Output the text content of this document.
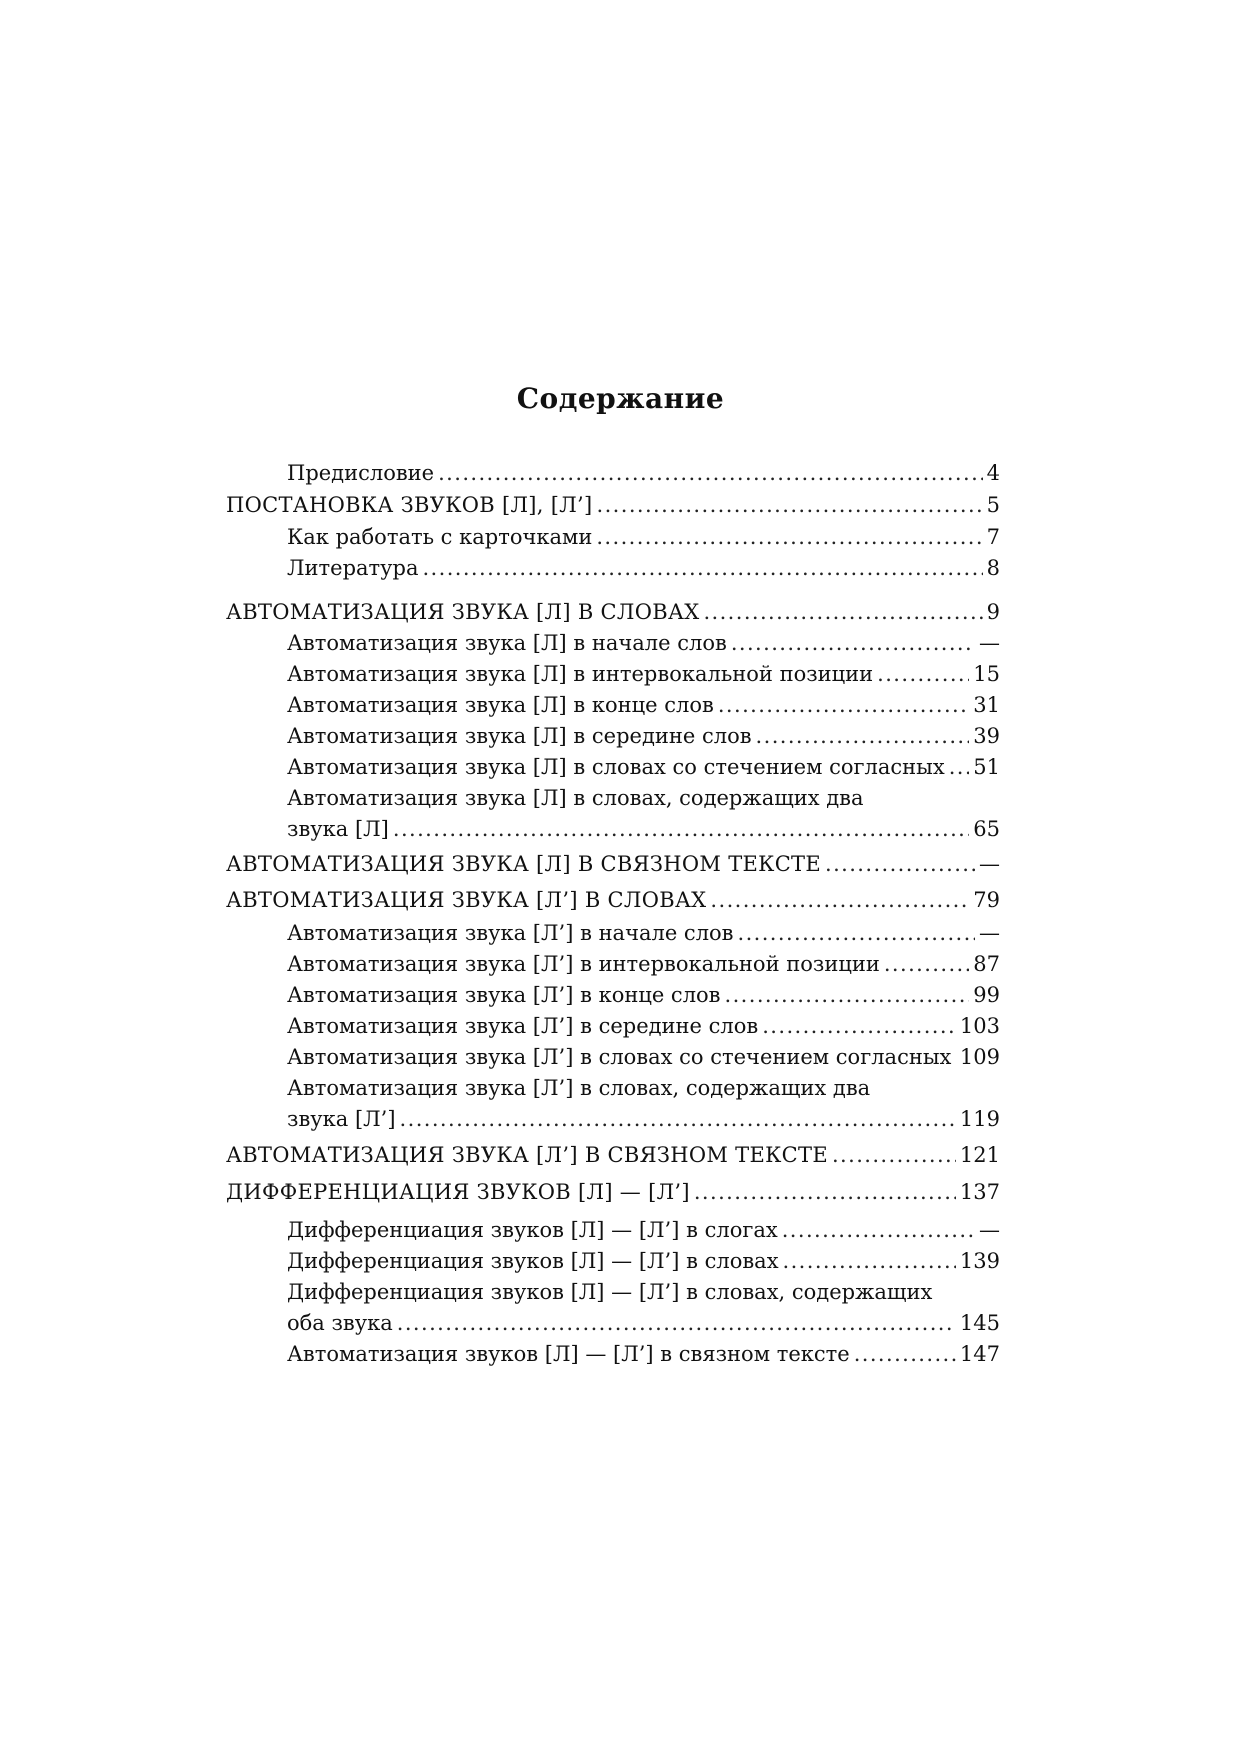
Содержание
Предисловие .....	4
ПОСТАНОВКА ЗВУКОВ [Л], [Л’] .....	5
Как работать с карточками .....	7
Литература .....	8
АВТОМАТИЗАЦИЯ ЗВУКА [Л] В СЛОВАХ .....	9
Автоматизация звука [Л] в начале слов .....	—
Автоматизация звука [Л] в интервокальной позиции .....	15
Автоматизация звука [Л] в конце слов .....	31
Автоматизация звука [Л] в середине слов .....	39
Автоматизация звука [Л] в словах со стечением согласных ..... 51
Автоматизация звука [Л] в словах, содержащих два
звука [Л] .....	65
АВТОМАТИЗАЦИЯ ЗВУКА [Л] В СВЯЗНОМ ТЕКСТЕ .....	—
АВТОМАТИЗАЦИЯ ЗВУКА [Л’] В СЛОВАХ .....	79
Автоматизация звука [Л’] в начале слов .....	—
Автоматизация звука [Л’] в интервокальной позиции .....	87
Автоматизация звука [Л’] в конце слов .....	99
Автоматизация звука [Л’] в середине слов .....	103
Автоматизация звука [Л’] в словах со стечением согласных ..... 109
Автоматизация звука [Л’] в словах, содержащих два
звука [Л’] .....	119
АВТОМАТИЗАЦИЯ ЗВУКА [Л’] В СВЯЗНОМ ТЕКСТЕ .....	121
ДИФФЕРЕНЦИАЦИЯ ЗВУКОВ [Л] — [Л’] .....	137
Дифференциация звуков [Л] — [Л’] в слогах .....	—
Дифференциация звуков [Л] — [Л’] в словах .....	139
Дифференциация звуков [Л] — [Л’] в словах, содержащих
оба звука .....	145
Автоматизация звуков [Л] — [Л’] в связном тексте .....	147
